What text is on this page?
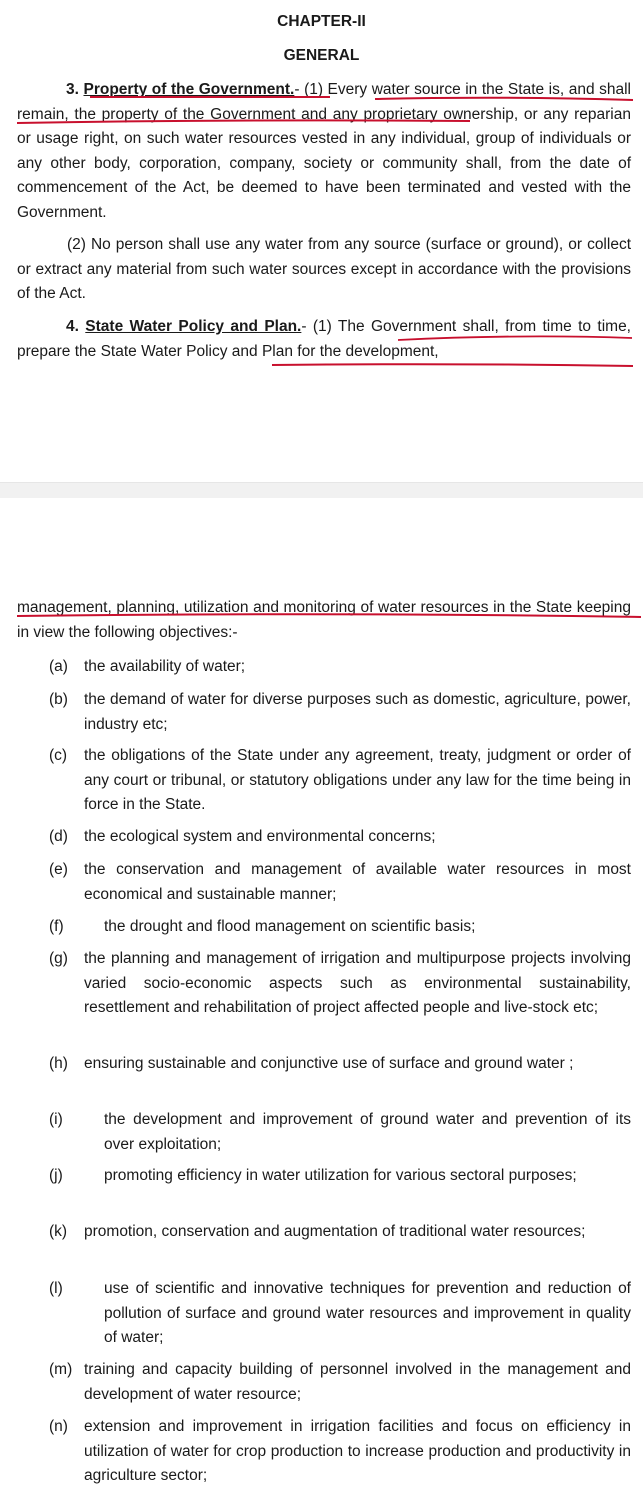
CHAPTER-II
GENERAL
3. Property of the Government.- (1) Every water source in the State is, and shall remain, the property of the Government and any proprietary ownership, or any reparian or usage right, on such water resources vested in any individual, group of individuals or any other body, corporation, company, society or community shall, from the date of commencement of the Act, be deemed to have been terminated and vested with the Government.
(2) No person shall use any water from any source (surface or ground), or collect or extract any material from such water sources except in accordance with the provisions of the Act.
4. State Water Policy and Plan.- (1) The Government shall, from time to time, prepare the State Water Policy and Plan for the development,
management, planning, utilization and monitoring of water resources in the State keeping in view the following objectives:-
(a) the availability of water;
(b) the demand of water for diverse purposes such as domestic, agriculture, power, industry etc;
(c) the obligations of the State under any agreement, treaty, judgment or order of any court or tribunal, or statutory obligations under any law for the time being in force in the State.
(d) the ecological system and environmental concerns;
(e) the conservation and management of available water resources in most economical and sustainable manner;
(f)	the drought and flood management on scientific basis;
(g) the planning and management of irrigation and multipurpose projects involving varied socio-economic aspects such as environmental sustainability, resettlement and rehabilitation of project affected people and live-stock etc;
(h) ensuring sustainable and conjunctive use of surface and ground water ;
(i)	the development and improvement of ground water and prevention of its over exploitation;
(j)	promoting efficiency in water utilization for various sectoral purposes;
(k) promotion, conservation and augmentation of traditional water resources;
(l)	use of scientific and innovative techniques for prevention and reduction of pollution of surface and ground water resources and improvement in quality of water;
(m) training and capacity building of personnel involved in the management and development of water resource;
(n) extension and improvement in irrigation facilities and focus on efficiency in utilization of water for crop production to increase production and productivity in agriculture sector;
